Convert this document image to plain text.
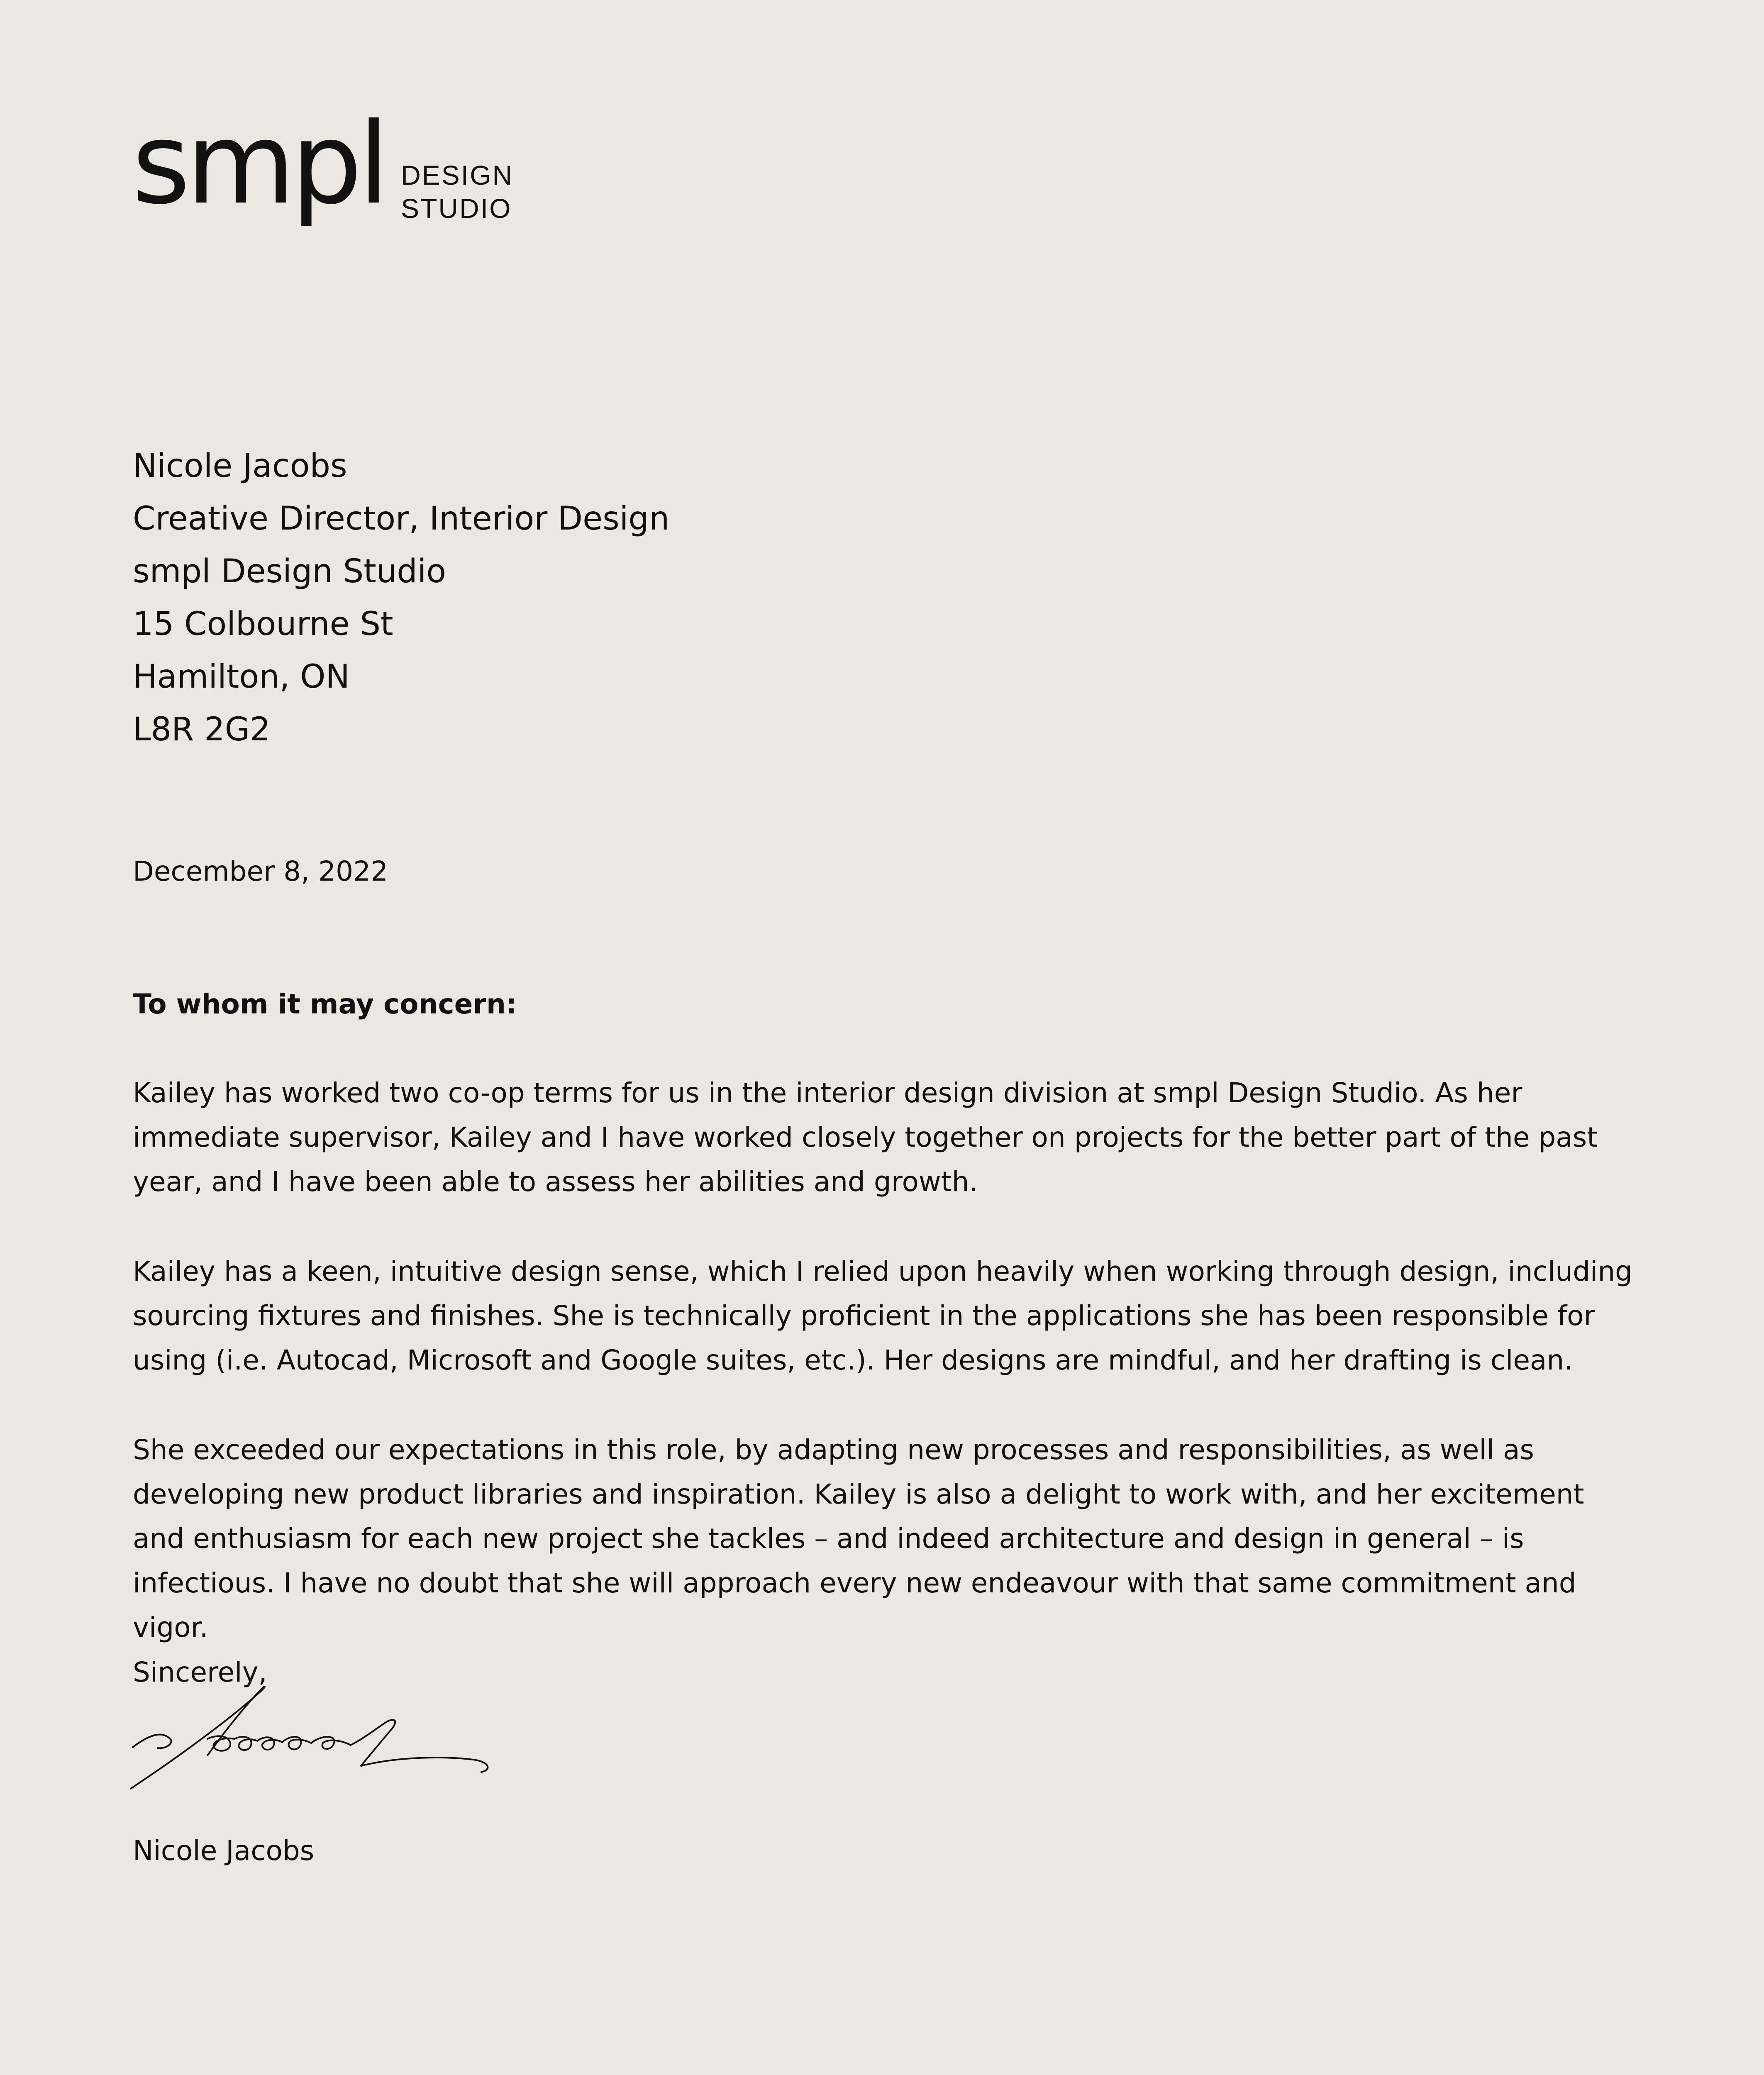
smpl DESIGN
STUDIO
Nicole Jacobs
Creative Director, Interior Design
smpl Design Studio
15 Colbourne St
Hamilton, ON
L8R 2G2
December 8, 2022
To whom it may concern:

Kailey has worked two co-op terms for us in the interior design division at smpl Design Studio. As her immediate supervisor, Kailey and I have worked closely together on projects for the better part of the past year, and I have been able to assess her abilities and growth.

Kailey has a keen, intuitive design sense, which I relied upon heavily when working through design, including sourcing fixtures and finishes. She is technically proficient in the applications she has been responsible for using (i.e. Autocad, Microsoft and Google suites, etc.). Her designs are mindful, and her drafting is clean.

She exceeded our expectations in this role, by adapting new processes and responsibilities, as well as developing new product libraries and inspiration. Kailey is also a delight to work with, and her excitement and enthusiasm for each new project she tackles – and indeed architecture and design in general – is infectious. I have no doubt that she will approach every new endeavour with that same commitment and vigor.

Sincerely,
Nicole Jacobs
